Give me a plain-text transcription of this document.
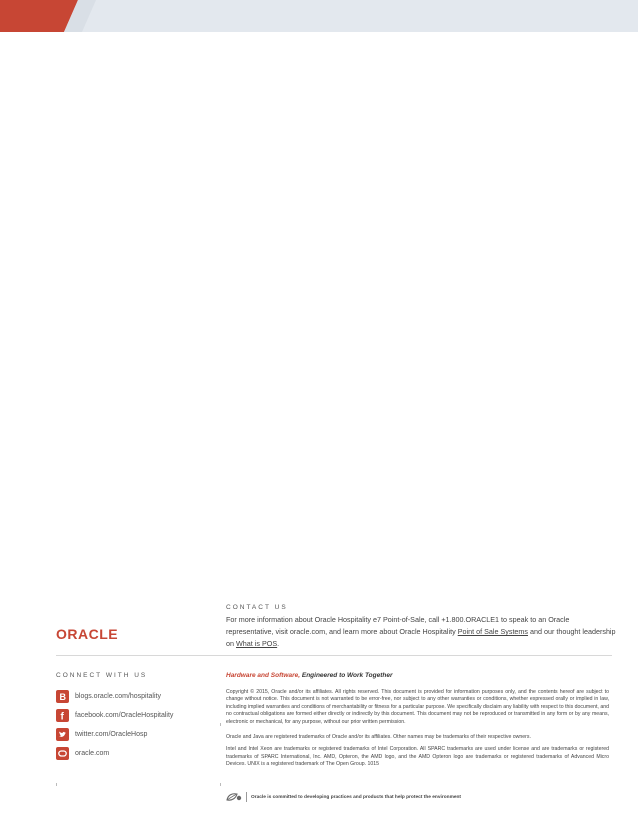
ORACLE

CONTACT US

For more information about Oracle Hospitality e7 Point-of-Sale, call +1.800.ORACLE1 to speak to an Oracle representative, visit oracle.com, and learn more about Oracle Hospitality Point of Sale Systems and our thought leadership on What is POS.

CONNECT WITH US

B blogs.oracle.com/hospitality
f facebook.com/OracleHospitality
twitter.com/OracleHosp
oracle.com
Hardware and Software, Engineered to Work Together

Copyright © 2015, Oracle and/or its affiliates. All rights reserved. This document is provided for information purposes only, and the contents hereof are subject to change without notice. This document is not warranted to be error-free, nor subject to any other warranties or conditions, whether expressed orally or implied in law, including implied warranties and conditions of merchantability or fitness for a particular purpose. We specifically disclaim any liability with respect to this document, and no contractual obligations are formed either directly or indirectly by this document. This document may not be reproduced or transmitted in any form or by any means, electronic or mechanical, for any purpose, without our prior written permission.

Oracle and Java are registered trademarks of Oracle and/or its affiliates. Other names may be trademarks of their respective owners.

Intel and Intel Xeon are trademarks or registered trademarks of Intel Corporation. All SPARC trademarks are used under license and are trademarks or registered trademarks of SPARC International, Inc. AMD, Opteron, the AMD logo, and the AMD Opteron logo are trademarks or registered trademarks of Advanced Micro Devices. UNIX is a registered trademark of The Open Group. 1015

Oracle is committed to developing practices and products that help protect the environment
